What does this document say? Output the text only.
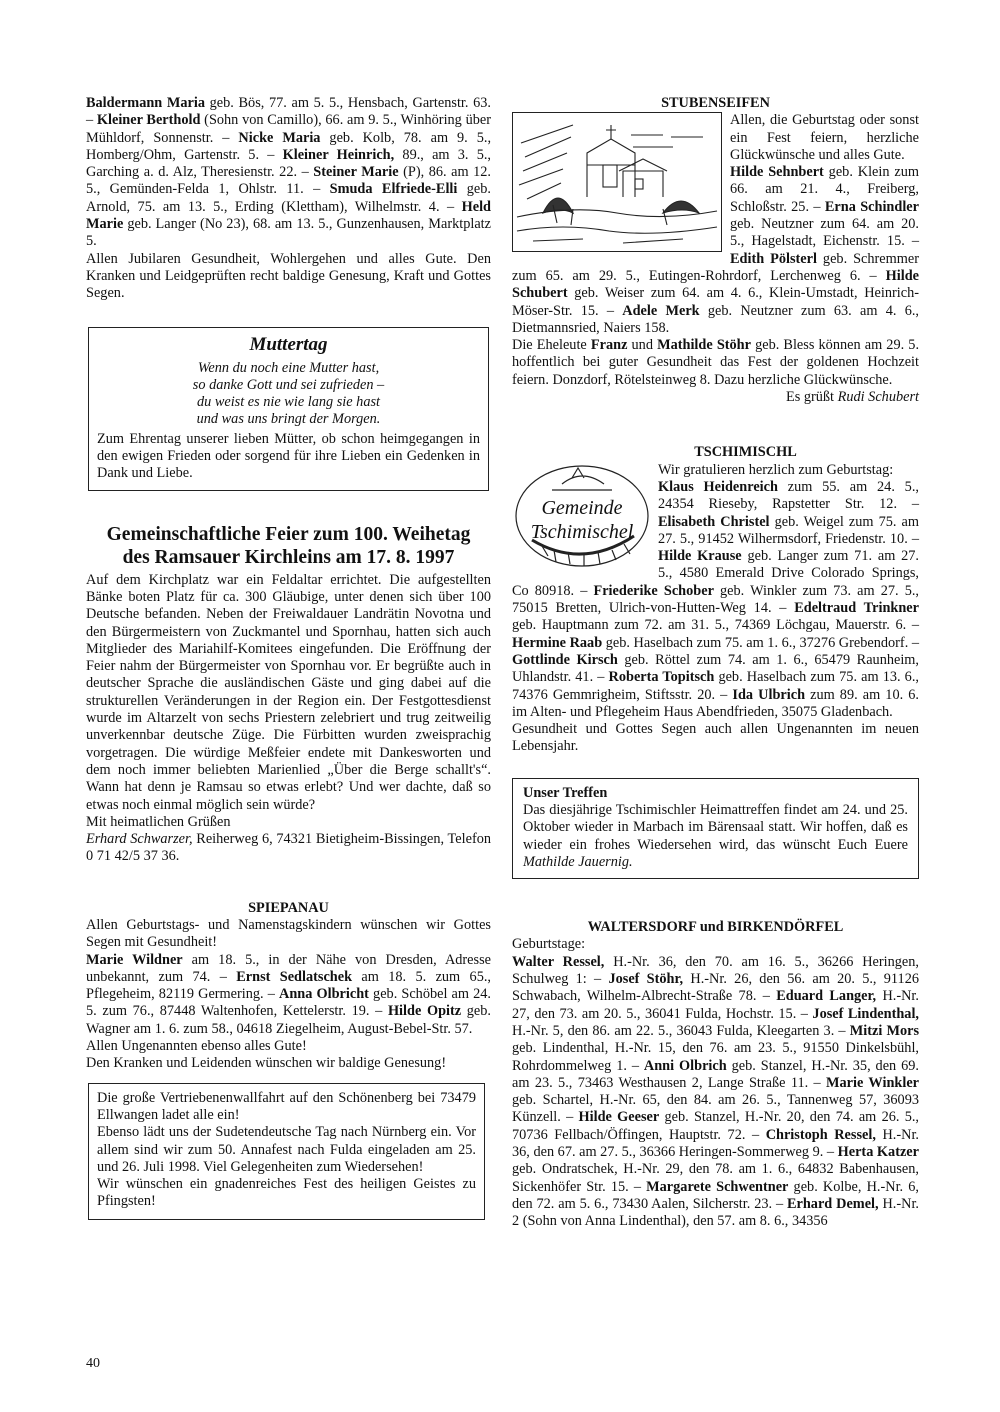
Baldermann Maria geb. Bös, 77. am 5. 5., Hensbach, Gartenstr. 63. – Kleiner Berthold (Sohn von Camillo), 66. am 9. 5., Winhöring über Mühldorf, Sonnenstr. – Nicke Maria geb. Kolb, 78. am 9. 5., Homberg/Ohm, Gartenstr. 5. – Kleiner Heinrich, 89., am 3. 5., Garching a. d. Alz, Theresienstr. 22. – Steiner Marie (P), 86. am 12. 5., Gemünden-Felda 1, Ohlstr. 11. – Smuda Elfriede-Elli geb. Arnold, 75. am 13. 5., Erding (Klettham), Wilhelmstr. 4. – Held Marie geb. Langer (No 23), 68. am 13. 5., Gunzenhausen, Marktplatz 5.

Allen Jubilaren Gesundheit, Wohlergehen und alles Gute. Den Kranken und Leidgeprüften recht baldige Genesung, Kraft und Gottes Segen.

Muttertag
Wenn du noch eine Mutter hast,
so danke Gott und sei zufrieden –
du weist es nie wie lang sie hast
und was uns bringt der Morgen.

Zum Ehrentag unserer lieben Mütter, ob schon heimgegangen in den ewigen Frieden oder sorgend für ihre Lieben ein Gedenken in Dank und Liebe.

Gemeinschaftliche Feier zum 100. Weihetag
des Ramsauer Kirchleins am 17. 8. 1997

Auf dem Kirchplatz war ein Feldaltar errichtet. Die aufgestellten Bänke boten Platz für ca. 300 Gläubige, unter denen sich über 100 Deutsche befanden. Neben der Freiwaldauer Landrätin Novotna und den Bürgermeistern von Zuckmantel und Spornhau, hatten sich auch Mitglieder des Mariahilf-Komitees eingefunden. Die Eröffnung der Feier nahm der Bürgermeister von Spornhau vor. Er begrüßte auch in deutscher Sprache die ausländischen Gäste und ging dabei auf die strukturellen Veränderungen in der Region ein. Der Festgottesdienst wurde im Altarzelt von sechs Priestern zelebriert und trug zeitweilig unverkennbar deutsche Züge. Die Fürbitten wurden zweisprachig vorgetragen. Die würdige Meßfeier endete mit Dankesworten und dem noch immer beliebten Marienlied „Über die Berge schallt's“. Wann hat denn je Ramsau so etwas erlebt? Und wer dachte, daß so etwas noch einmal möglich sein würde?

Mit heimatlichen Grüßen

Erhard Schwarzer, Reiherweg 6, 74321 Bietigheim-Bissingen, Telefon 0 71 42/5 37 36.

SPIEPANAU

Allen Geburtstags- und Namenstagskindern wünschen wir Gottes Segen mit Gesundheit!

Marie Wildner am 18. 5., in der Nähe von Dresden, Adresse unbekannt, zum 74. – Ernst Sedlatschek am 18. 5. zum 65., Pflegeheim, 82119 Germering. – Anna Olbricht geb. Schöbel am 24. 5. zum 76., 87448 Waltenhofen, Kettelerstr. 19. – Hilde Opitz geb. Wagner am 1. 6. zum 58., 04618 Ziegelheim, August-Bebel-Str. 57.

Allen Ungenannten ebenso alles Gute!

Den Kranken und Leidenden wünschen wir baldige Genesung!

Die große Vertriebenenwallfahrt auf den Schönenberg bei 73479 Ellwangen ladet alle ein!

Ebenso lädt uns der Sudetendeutsche Tag nach Nürnberg ein. Vor allem sind wir zum 50. Annafest nach Fulda eingeladen am 25. und 26. Juli 1998. Viel Gelegenheiten zum Wiedersehen!

Wir wünschen ein gnadenreiches Fest des heiligen Geistes zu Pfingsten!

STUBENSEIFEN

Allen, die Geburtstag oder sonst ein Fest feiern, herzliche Glückwünsche und alles Gute.
Hilde Sehnbert geb. Klein zum 66. am 21. 4., Freiberg, Schloßstr. 25. – Erna Schindler geb. Neutzner zum 64. am 20. 5., Hagelstadt, Eichenstr. 15. – Edith Pölsterl geb. Schremmer zum 65. am 29. 5., Eutingen-Rohrdorf, Lerchenweg 6. – Hilde Schubert geb. Weiser zum 64. am 4. 6., Klein-Umstadt, Heinrich-Möser-Str. 15. – Adele Merk geb. Neutzner zum 63. am 4. 6., Dietmannsried, Naiers 158.

Die Eheleute Franz und Mathilde Stöhr geb. Bless können am 29. 5. hoffentlich bei guter Gesundheit das Fest der goldenen Hochzeit feiern. Donzdorf, Rötelsteinweg 8. Dazu herzliche Glückwünsche.

Es grüßt Rudi Schubert

TSCHIMISCHL
Gemeinde
Tschimischel

Wir gratulieren herzlich zum Geburtstag:
Klaus Heidenreich zum 55. am 24. 5., 24354 Rieseby, Rapstetter Str. 12. – Elisabeth Christel geb. Weigel zum 75. am 27. 5., 91452 Wilhermsdorf, Friedenstr. 10. – Hilde Krause geb. Langer zum 71. am 27. 5., 4580 Emerald Drive Colorado Springs, Co 80918. – Friederike Schober geb. Winkler zum 73. am 27. 5., 75015 Bretten, Ulrich-von-Hutten-Weg 14. – Edeltraud Trinkner geb. Hauptmann zum 72. am 31. 5., 74369 Löchgau, Mauerstr. 6. – Hermine Raab geb. Haselbach zum 75. am 1. 6., 37276 Grebendorf. – Gottlinde Kirsch geb. Röttel zum 74. am 1. 6., 65479 Raunheim, Uhlandstr. 41. – Roberta Topitsch geb. Haselbach zum 75. am 13. 6., 74376 Gemmrigheim, Stiftsstr. 20. – Ida Ulbrich zum 89. am 10. 6. im Alten- und Pflegeheim Haus Abendfrieden, 35075 Gladenbach.

Gesundheit und Gottes Segen auch allen Ungenannten im neuen Lebensjahr.

Unser Treffen

Das diesjährige Tschimischler Heimattreffen findet am 24. und 25. Oktober wieder in Marbach im Bärensaal statt. Wir hoffen, daß es wieder ein frohes Wiedersehen wird, das wünscht Euch Euere Mathilde Jauernig.

WALTERSDORF und BIRKENDÖRFEL

Geburtstage:

Walter Ressel, H.-Nr. 36, den 70. am 16. 5., 36266 Heringen, Schulweg 1: – Josef Stöhr, H.-Nr. 26, den 56. am 20. 5., 91126 Schwabach, Wilhelm-Albrecht-Straße 78. – Eduard Langer, H.-Nr. 27, den 73. am 20. 5., 36041 Fulda, Hochstr. 15. – Josef Lindenthal, H.-Nr. 5, den 86. am 22. 5., 36043 Fulda, Kleegarten 3. – Mitzi Mors geb. Lindenthal, H.-Nr. 15, den 76. am 23. 5., 91550 Dinkelsbühl, Rohrdommelweg 1. – Anni Olbrich geb. Stanzel, H.-Nr. 35, den 69. am 23. 5., 73463 Westhausen 2, Lange Straße 11. – Marie Winkler geb. Schartel, H.-Nr. 65, den 84. am 26. 5., Tannenweg 57, 36093 Künzell. – Hilde Geeser geb. Stanzel, H.-Nr. 20, den 74. am 26. 5., 70736 Fellbach/Öffingen, Hauptstr. 72. – Christoph Ressel, H.-Nr. 36, den 67. am 27. 5., 36366 Heringen-Sommerweg 9. – Herta Katzer geb. Ondratschek, H.-Nr. 29, den 78. am 1. 6., 64832 Babenhausen, Sickenhöfer Str. 15. – Margarete Schwentner geb. Kolbe, H.-Nr. 6, den 72. am 5. 6., 73430 Aalen, Silcherstr. 23. – Erhard Demel, H.-Nr. 2 (Sohn von Anna Lindenthal), den 57. am 8. 6., 34356

40
